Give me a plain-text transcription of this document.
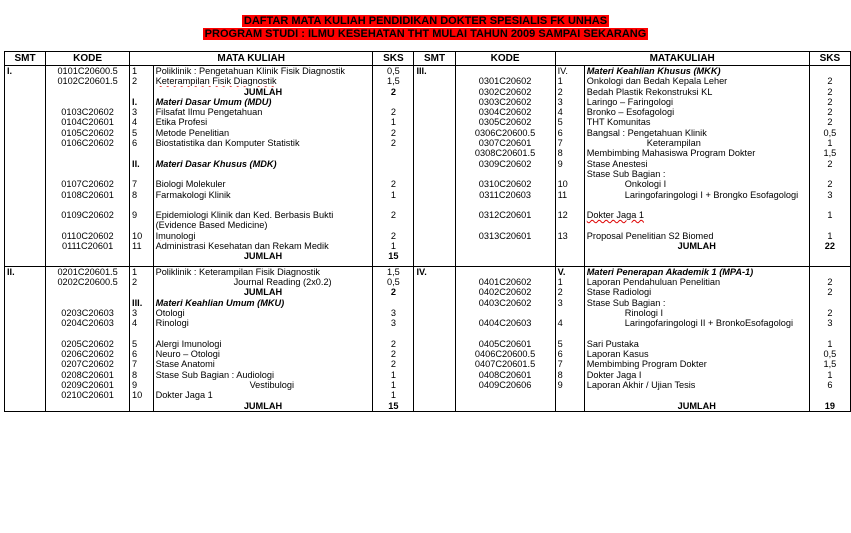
DAFTAR MATA KULIAH PENDIDIKAN DOKTER SPESIALIS FK UNHAS
PROGRAM STUDI : ILMU KESEHATAN THT MULAI TAHUN 2009 SAMPAI SEKARANG
SMT	KODE	MATA KULIAH		SKS	SMT	KODE	MATAKULIAH		SKS
I.	0101C20600.5	1	Poliklinik : Pengetahuan Klinik Fisik Diagnostik	0,5	III.		IV.	Materi Keahlian Khusus (MKK)	
	0102C20601.5	2	Keterampilan Fisik Diagnostik	1,5		0301C20602	1	Onkologi dan Bedah Kepala Leher	2
			JUMLAH	2		0302C20602	2	Bedah Plastik Rekonstruksi KL	2
		I.	Materi Dasar Umum (MDU)			0303C20602	3	Laringo – Faringologi	2
	0103C20602	3	Filsafat Ilmu Pengetahuan	2		0304C20602	4	Bronko – Esofagologi	2
	0104C20601	4	Etika Profesi	1		0305C20602	5	THT Komunitas	2
	0105C20602	5	Metode Penelitian	2		0306C20600.5	6	Bangsal : Pengetahuan Klinik	0,5
	0106C20602	6	Biostatistika dan Komputer Statistik	2		0307C20601	7	Keterampilan	1
						0308C20601.5	8	Membimbing Mahasiswa Program Dokter	1,5
		II.	Materi Dasar Khusus (MDK)			0309C20602	9	Stase Anestesi	2
								Stase Sub Bagian :	
	0107C20602	7	Biologi Molekuler	2		0310C20602	10	Onkologi I	2
	0108C20601	8	Farmakologi Klinik	1		0311C20603	11	Laringofaringologi I + Brongko Esofagologi	3
	0109C20602	9	Epidemiologi Klinik dan Ked. Berbasis Bukti (Evidence Based Medicine)	2		0312C20601	12	Dokter Jaga 1	1
	0110C20602	10	Imunologi	2		0313C20601	13	Proposal Penelitian S2 Biomed	1
	0111C20601	11	Administrasi Kesehatan dan Rekam Medik	1				JUMLAH	22
			JUMLAH	15					

II.	0201C20601.5	1	Poliklinik : Keterampilan Fisik Diagnostik	1,5	IV.		V.	Materi Penerapan Akademik 1 (MPA-1)	
	0202C20600.5	2	Journal Reading (2x0.2)	0,5		0401C20602	1	Laporan Pendahuluan Penelitian	2
			JUMLAH	2		0402C20602	2	Stase Radiologi	2
		III.	Materi Keahlian Umum (MKU)			0403C20602	3	Stase Sub Bagian :	
	0203C20603	3	Otologi	3				Rinologi I	2
	0204C20603	4	Rinologi	3		0404C20603	4	Laringofaringologi II + BronkoEsofagologi	3
	0205C20602	5	Alergi Imunologi	2		0405C20601	5	Sari Pustaka	1
	0206C20602	6	Neuro – Otologi	2		0406C20600.5	6	Laporan Kasus	0,5
	0207C20602	7	Stase Anatomi	2		0407C20601.5	7	Membimbing Program Dokter	1,5
	0208C20601	8	Stase Sub Bagian : Audiologi	1		0408C20601	8	Dokter Jaga I	1
	0209C20601	9	Vestibulogi	1		0409C20606	9	Laporan Akhir / Ujian Tesis	6
	0210C20601	10	Dokter Jaga 1	1					
			JUMLAH	15				JUMLAH	19
